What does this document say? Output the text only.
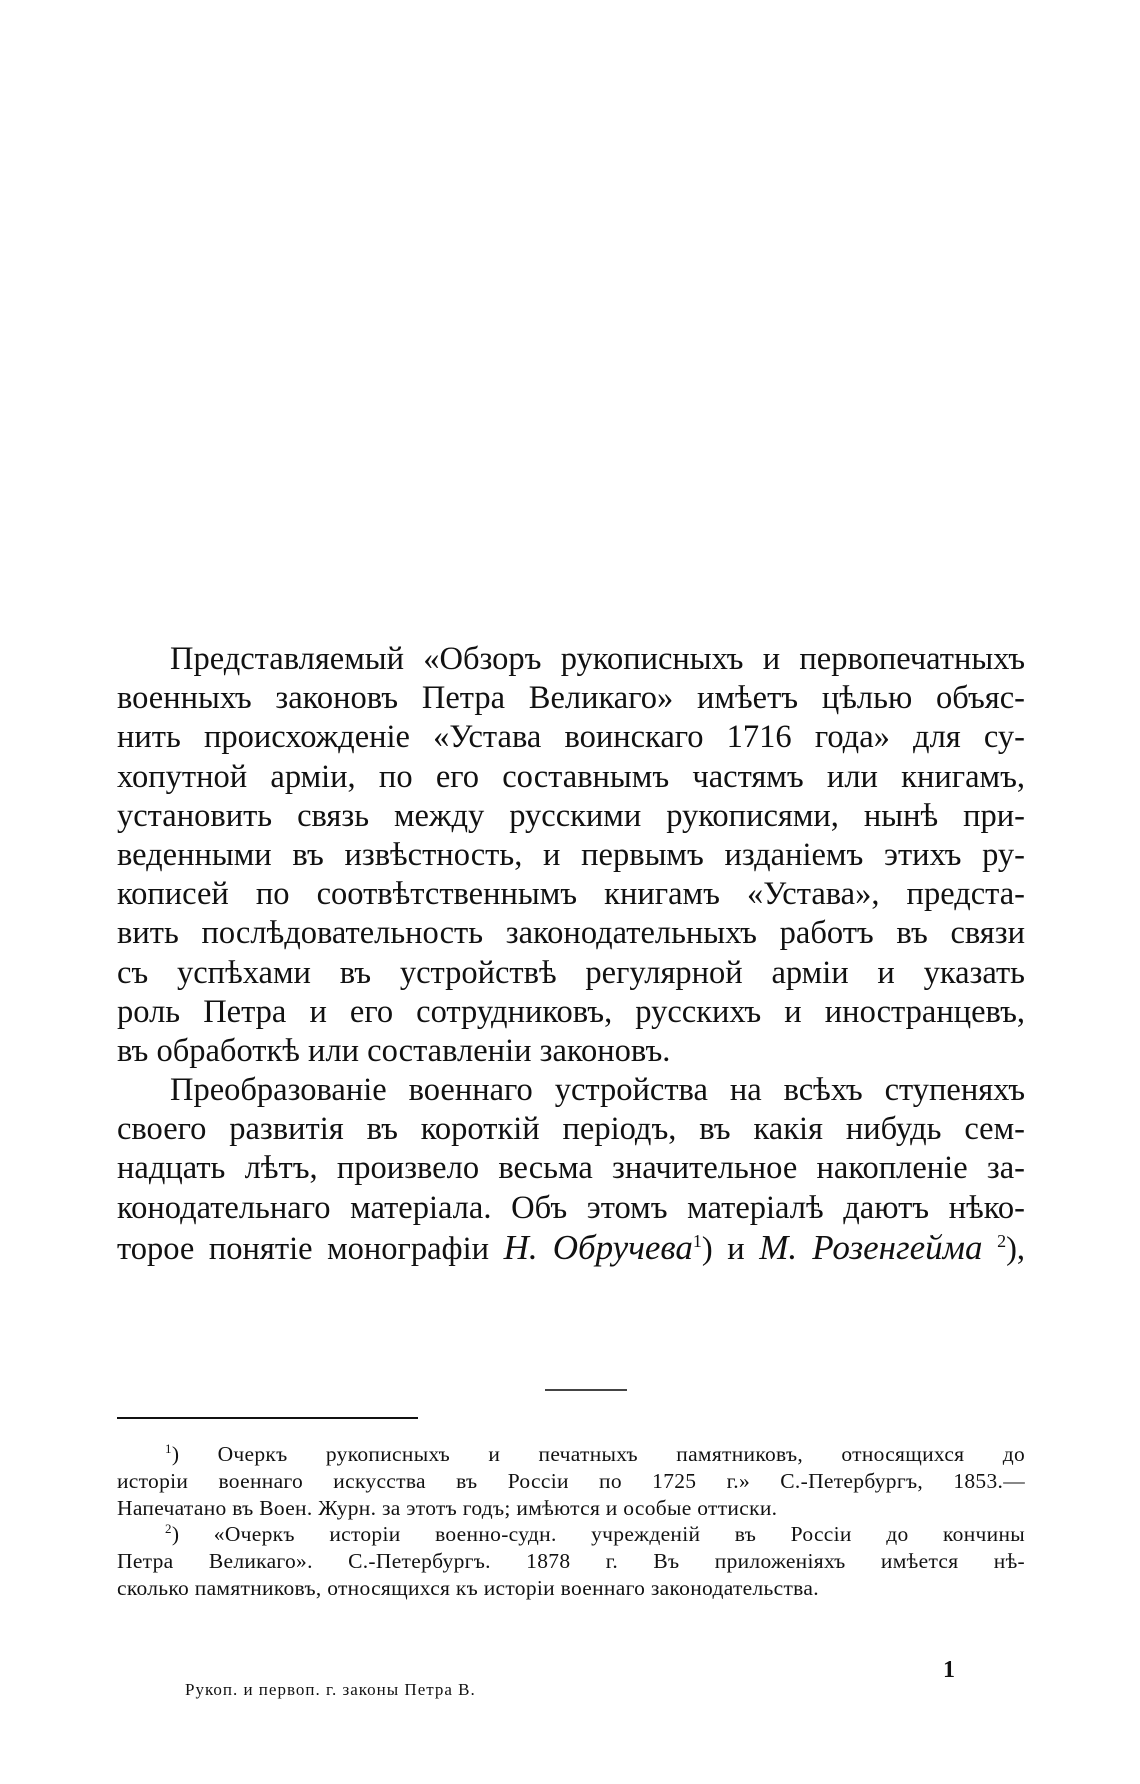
Представляемый «Обзоръ рукописныхъ и первопечатныхъ
военныхъ законовъ Петра Великаго» имѣетъ цѣлью объяс-
нить происхожденіе «Устава воинскаго 1716 года» для су-
хопутной арміи, по его составнымъ частямъ или книгамъ,
установить связь между русскими рукописями, нынѣ при-
веденными въ извѣстность, и первымъ изданіемъ этихъ ру-
кописей по соотвѣтственнымъ книгамъ «Устава», предста-
вить послѣдовательность законодательныхъ работъ въ связи
съ успѣхами въ устройствѣ регулярной арміи и указать
роль Петра и его сотрудниковъ, русскихъ и иностранцевъ,
въ обработкѣ или составленіи законовъ.
Преобразованіе военнаго устройства на всѣхъ ступеняхъ
своего развитія въ короткій періодъ, въ какія нибудь сем-
надцать лѣтъ, произвело весьма значительное накопленіе за-
конодательнаго матеріала. Объ этомъ матеріалѣ даютъ нѣко-
торое понятіе монографіи Н. Обручева$^1$) и М. Розенгейма $^2$),
$^1$) Очеркъ рукописныхъ и печатныхъ памятниковъ, относящихся до
исторіи военнаго искусства въ Россіи по 1725 г.» С.-Петербургъ, 1853.—
Напечатано въ Воен. Журн. за этотъ годъ; имѣются и особые оттиски.
$^2$) «Очеркъ исторіи военно-судн. учрежденій въ Россіи до кончины
Петра Великаго». С.-Петербургъ. 1878 г. Въ приложеніяхъ имѣется нѣ-
сколько памятниковъ, относящихся къ исторіи военнаго законодательства.
1
Рукоп. и первоп. г. законы Петра В.
